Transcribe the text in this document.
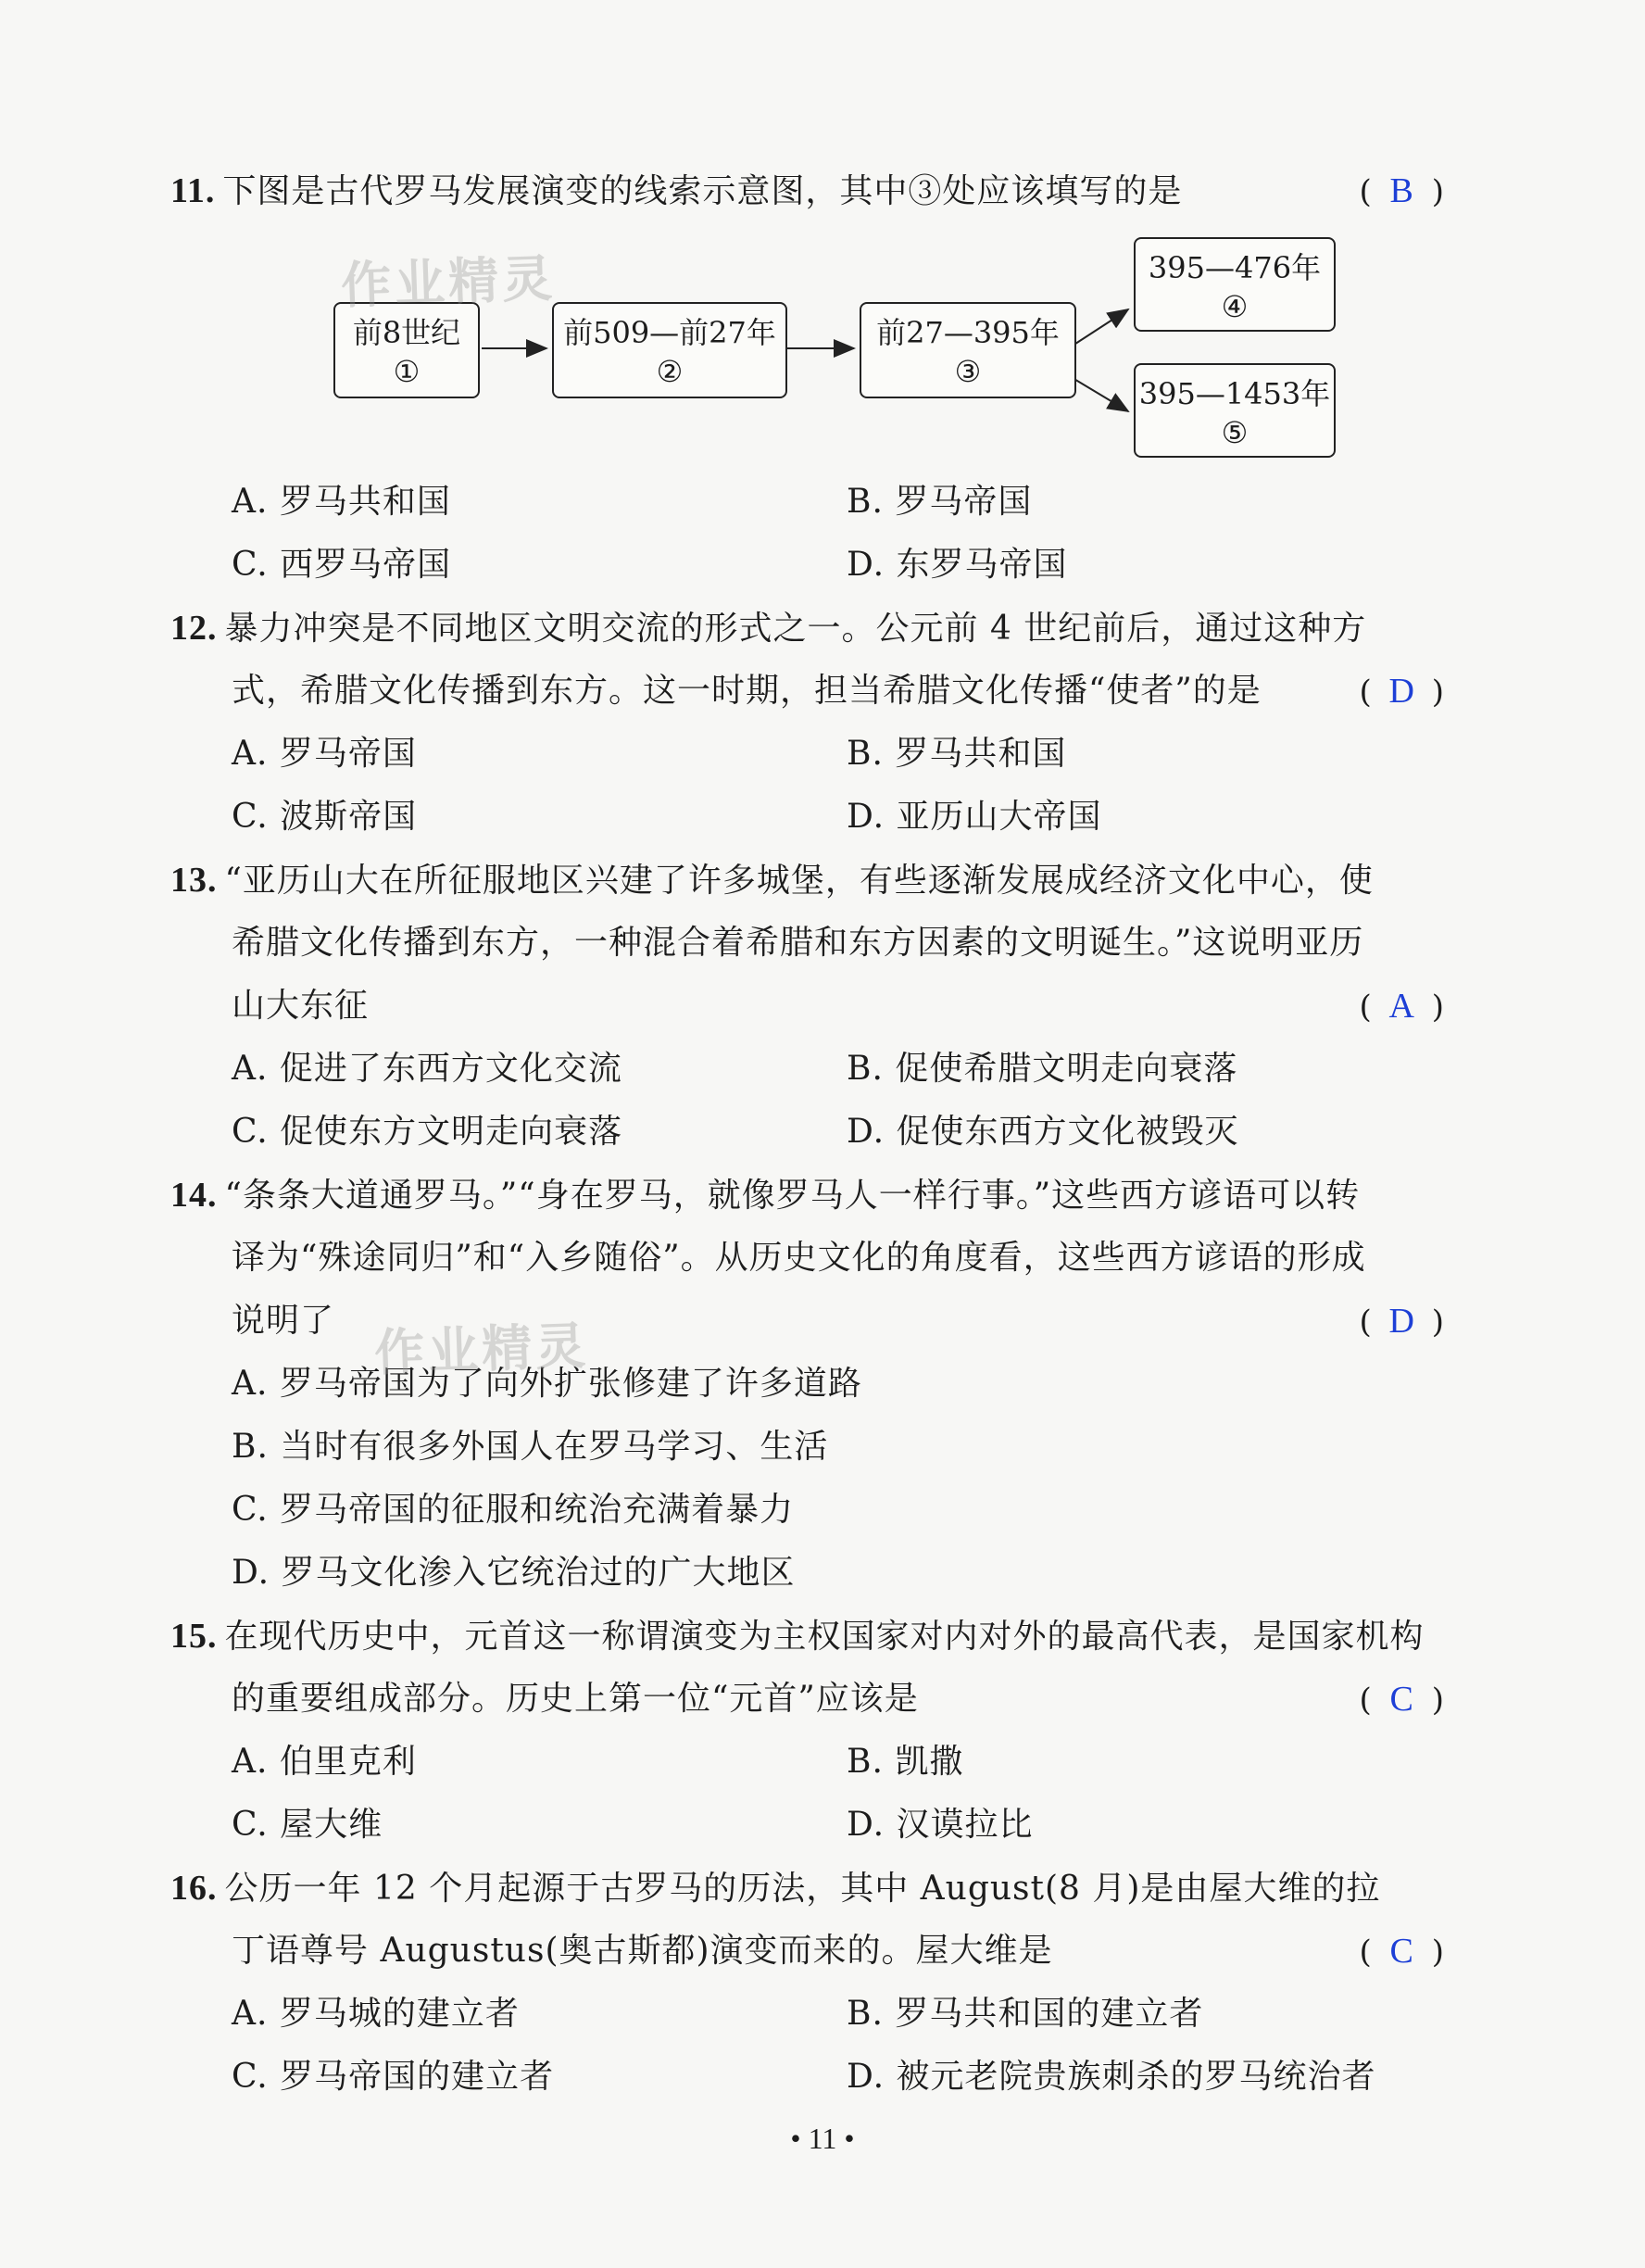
11. 下图是古代罗马发展演变的线索示意图，其中③处应该填写的是	( B )
前8世纪
①
前509—前27年
②
前27—395年
③
395—476年
④
395—1453年
⑤
作业精灵
A. 罗马共和国	B. 罗马帝国
C. 西罗马帝国	D. 东罗马帝国
12. 暴力冲突是不同地区文明交流的形式之一。公元前 4 世纪前后，通过这种方
式，希腊文化传播到东方。这一时期，担当希腊文化传播“使者”的是	( D )
A. 罗马帝国	B. 罗马共和国
C. 波斯帝国	D. 亚历山大帝国
13. “亚历山大在所征服地区兴建了许多城堡，有些逐渐发展成经济文化中心，使
希腊文化传播到东方，一种混合着希腊和东方因素的文明诞生。”这说明亚历
山大东征	( A )
A. 促进了东西方文化交流	B. 促使希腊文明走向衰落
C. 促使东方文明走向衰落	D. 促使东西方文化被毁灭
14. “条条大道通罗马。”“身在罗马，就像罗马人一样行事。”这些西方谚语可以转
译为“殊途同归”和“入乡随俗”。从历史文化的角度看，这些西方谚语的形成
说明了	( D )
A. 罗马帝国为了向外扩张修建了许多道路
B. 当时有很多外国人在罗马学习、生活
C. 罗马帝国的征服和统治充满着暴力
D. 罗马文化渗入它统治过的广大地区
作业精灵
15. 在现代历史中，元首这一称谓演变为主权国家对内对外的最高代表，是国家机构
的重要组成部分。历史上第一位“元首”应该是	( C )
A. 伯里克利	B. 凯撒
C. 屋大维	D. 汉谟拉比
16. 公历一年 12 个月起源于古罗马的历法，其中 August(8 月)是由屋大维的拉
丁语尊号 Augustus(奥古斯都)演变而来的。屋大维是	( C )
A. 罗马城的建立者	B. 罗马共和国的建立者
C. 罗马帝国的建立者	D. 被元老院贵族刺杀的罗马统治者
• 11 •
